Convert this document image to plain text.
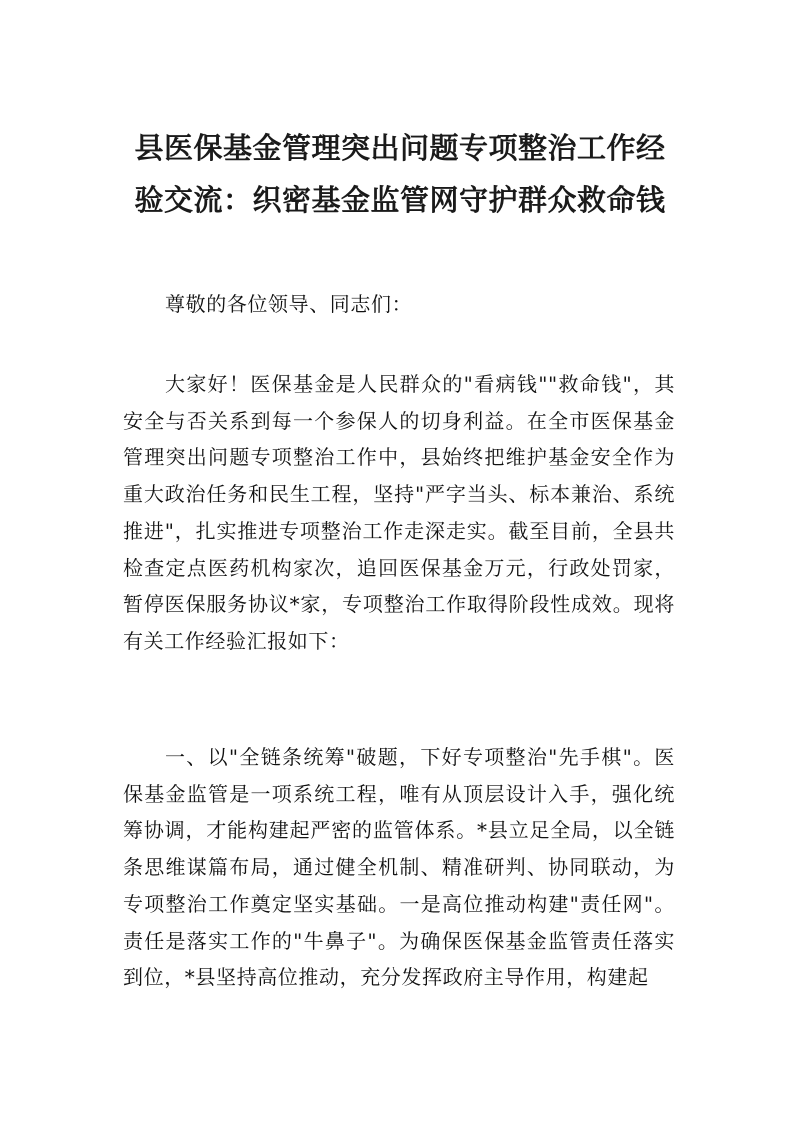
县医保基金管理突出问题专项整治工作经
验交流：织密基金监管网守护群众救命钱
尊敬的各位领导、同志们：
大家好！医保基金是人民群众的"看病钱""救命钱"，其安全与否关系到每一个参保人的切身利益。在全市医保基金管理突出问题专项整治工作中，县始终把维护基金安全作为重大政治任务和民生工程，坚持"严字当头、标本兼治、系统推进"，扎实推进专项整治工作走深走实。截至目前，全县共检查定点医药机构家次，追回医保基金万元，行政处罚家，暂停医保服务协议*家，专项整治工作取得阶段性成效。现将有关工作经验汇报如下：
一、以"全链条统筹"破题，下好专项整治"先手棋"。医保基金监管是一项系统工程，唯有从顶层设计入手，强化统筹协调，才能构建起严密的监管体系。*县立足全局，以全链条思维谋篇布局，通过健全机制、精准研判、协同联动，为专项整治工作奠定坚实基础。一是高位推动构建"责任网"。责任是落实工作的"牛鼻子"。为确保医保基金监管责任落实到位，*县坚持高位推动，充分发挥政府主导作用，构建起
